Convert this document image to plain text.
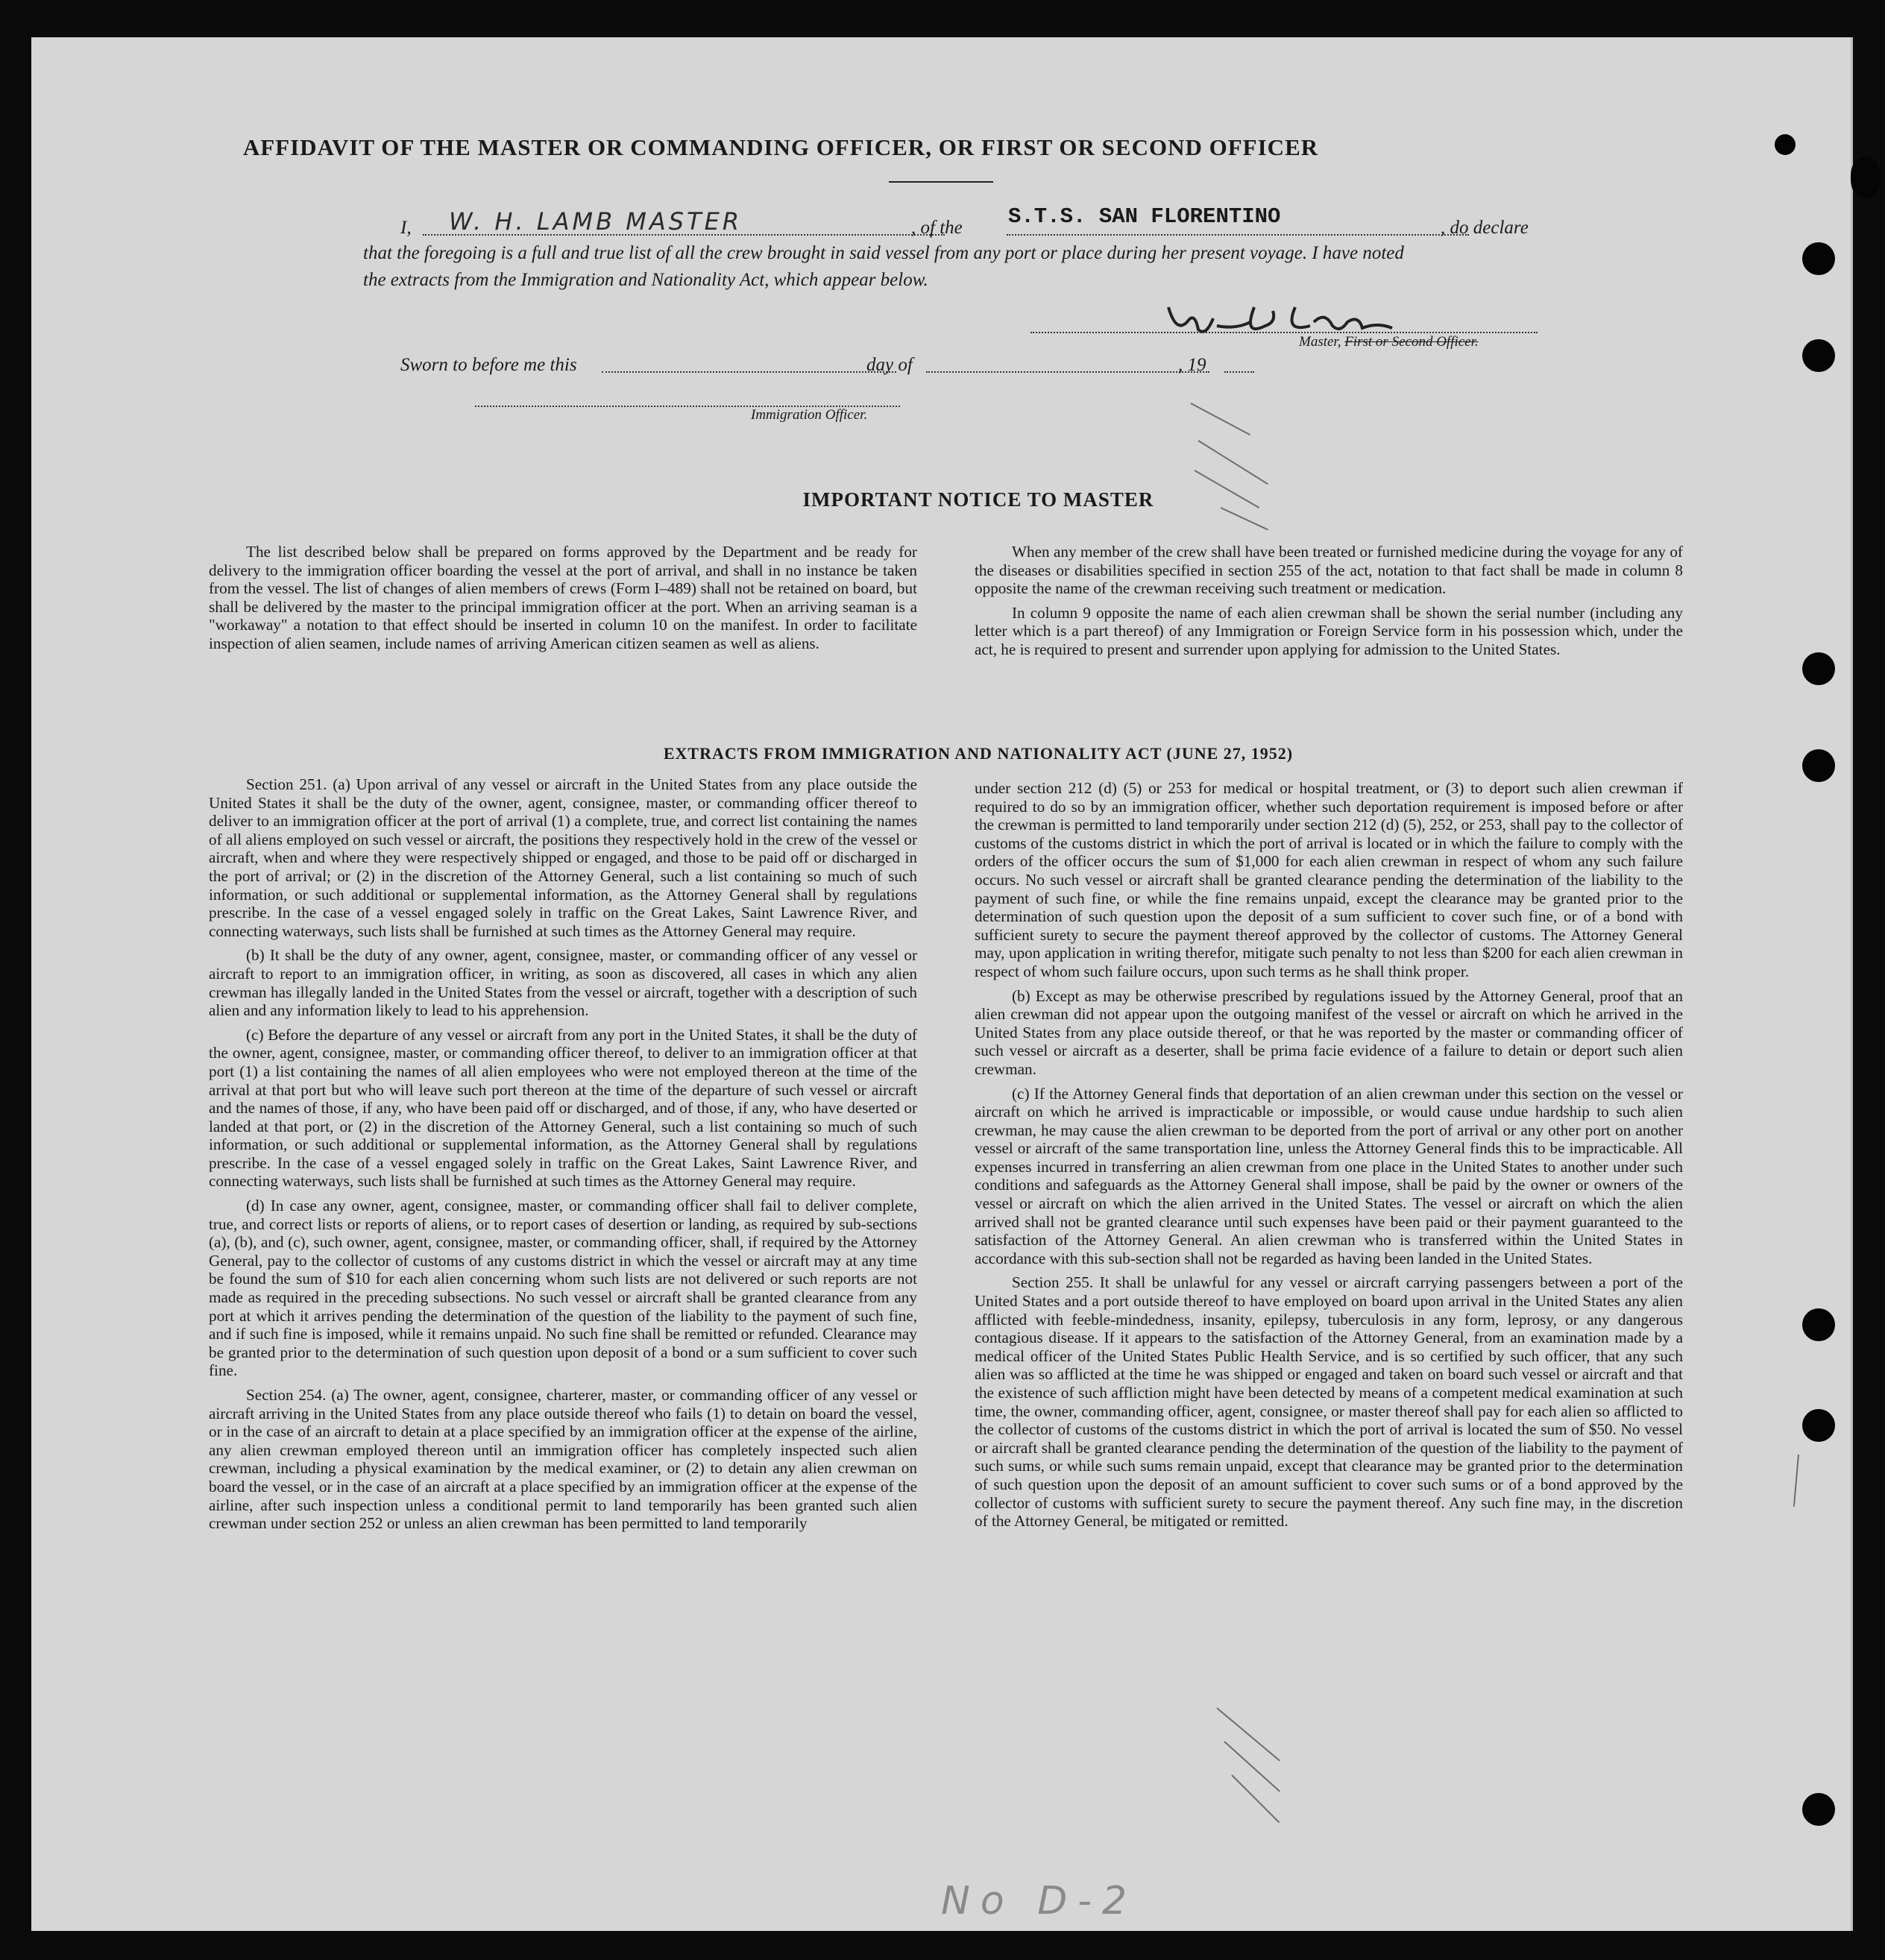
AFFIDAVIT OF THE MASTER OR COMMANDING OFFICER, OR FIRST OR SECOND OFFICER
I, W. H. LAMB MASTER	, of the S.T.S. SAN FLORENTINO	, do declare
that the foregoing is a full and true list of all the crew brought in said vessel from any port or place during her present voyage. I have noted
the extracts from the Immigration and Nationality Act, which appear below.
Master, First or Second Officer.
Sworn to before me this	day of	, 19
Immigration Officer.
IMPORTANT NOTICE TO MASTER

The list described below shall be prepared on forms approved by the Department and be ready for delivery to the immigration officer boarding the vessel at the port of arrival, and shall in no instance be taken from the vessel. The list of changes of alien members of crews (Form I–489) shall not be retained on board, but shall be delivered by the master to the principal immigration officer at the port. When an arriving seaman is a "workaway" a notation to that effect should be inserted in column 10 on the manifest. In order to facilitate inspection of alien seamen, include names of arriving American citizen seamen as well as aliens.

When any member of the crew shall have been treated or furnished medicine during the voyage for any of the diseases or disabilities specified in section 255 of the act, notation to that fact shall be made in column 8 opposite the name of the crewman receiving such treatment or medication.

In column 9 opposite the name of each alien crewman shall be shown the serial number (including any letter which is a part thereof) of any Immigration or Foreign Service form in his possession which, under the act, he is required to present and surrender upon applying for admission to the United States.

EXTRACTS FROM IMMIGRATION AND NATIONALITY ACT (JUNE 27, 1952)

Section 251. (a) Upon arrival of any vessel or aircraft in the United States from any place outside the United States it shall be the duty of the owner, agent, consignee, master, or commanding officer thereof to deliver to an immigration officer at the port of arrival (1) a complete, true, and correct list containing the names of all aliens employed on such vessel or aircraft, the positions they respectively hold in the crew of the vessel or aircraft, when and where they were respectively shipped or engaged, and those to be paid off or discharged in the port of arrival; or (2) in the discretion of the Attorney General, such a list containing so much of such information, or such additional or supplemental information, as the Attorney General shall by regulations prescribe. In the case of a vessel engaged solely in traffic on the Great Lakes, Saint Lawrence River, and connecting waterways, such lists shall be furnished at such times as the Attorney General may require.

(b) It shall be the duty of any owner, agent, consignee, master, or commanding officer of any vessel or aircraft to report to an immigration officer, in writing, as soon as discovered, all cases in which any alien crewman has illegally landed in the United States from the vessel or aircraft, together with a description of such alien and any information likely to lead to his apprehension.

(c) Before the departure of any vessel or aircraft from any port in the United States, it shall be the duty of the owner, agent, consignee, master, or commanding officer thereof, to deliver to an immigration officer at that port (1) a list containing the names of all alien employees who were not employed thereon at the time of the arrival at that port but who will leave such port thereon at the time of the departure of such vessel or aircraft and the names of those, if any, who have been paid off or discharged, and of those, if any, who have deserted or landed at that port, or (2) in the discretion of the Attorney General, such a list containing so much of such information, or such additional or supplemental information, as the Attorney General shall by regulations prescribe. In the case of a vessel engaged solely in traffic on the Great Lakes, Saint Lawrence River, and connecting waterways, such lists shall be furnished at such times as the Attorney General may require.

(d) In case any owner, agent, consignee, master, or commanding officer shall fail to deliver complete, true, and correct lists or reports of aliens, or to report cases of desertion or landing, as required by sub-sections (a), (b), and (c), such owner, agent, consignee, master, or commanding officer, shall, if required by the Attorney General, pay to the collector of customs of any customs district in which the vessel or aircraft may at any time be found the sum of $10 for each alien concerning whom such lists are not delivered or such reports are not made as required in the preceding subsections. No such vessel or aircraft shall be granted clearance from any port at which it arrives pending the determination of the question of the liability to the payment of such fine, and if such fine is imposed, while it remains unpaid. No such fine shall be remitted or refunded. Clearance may be granted prior to the determination of such question upon deposit of a bond or a sum sufficient to cover such fine.

Section 254. (a) The owner, agent, consignee, charterer, master, or commanding officer of any vessel or aircraft arriving in the United States from any place outside thereof who fails (1) to detain on board the vessel, or in the case of an aircraft to detain at a place specified by an immigration officer at the expense of the airline, any alien crewman employed thereon until an immigration officer has completely inspected such alien crewman, including a physical examination by the medical examiner, or (2) to detain any alien crewman on board the vessel, or in the case of an aircraft at a place specified by an immigration officer at the expense of the airline, after such inspection unless a conditional permit to land temporarily has been granted such alien crewman under section 252 or unless an alien crewman has been permitted to land temporarily

under section 212 (d) (5) or 253 for medical or hospital treatment, or (3) to deport such alien crewman if required to do so by an immigration officer, whether such deportation requirement is imposed before or after the crewman is permitted to land temporarily under section 212 (d) (5), 252, or 253, shall pay to the collector of customs of the customs district in which the port of arrival is located or in which the failure to comply with the orders of the officer occurs the sum of $1,000 for each alien crewman in respect of whom any such failure occurs. No such vessel or aircraft shall be granted clearance pending the determination of the liability to the payment of such fine, or while the fine remains unpaid, except the clearance may be granted prior to the determination of such question upon the deposit of a sum sufficient to cover such fine, or of a bond with sufficient surety to secure the payment thereof approved by the collector of customs. The Attorney General may, upon application in writing therefor, mitigate such penalty to not less than $200 for each alien crewman in respect of whom such failure occurs, upon such terms as he shall think proper.

(b) Except as may be otherwise prescribed by regulations issued by the Attorney General, proof that an alien crewman did not appear upon the outgoing manifest of the vessel or aircraft on which he arrived in the United States from any place outside thereof, or that he was reported by the master or commanding officer of such vessel or aircraft as a deserter, shall be prima facie evidence of a failure to detain or deport such alien crewman.

(c) If the Attorney General finds that deportation of an alien crewman under this section on the vessel or aircraft on which he arrived is impracticable or impossible, or would cause undue hardship to such alien crewman, he may cause the alien crewman to be deported from the port of arrival or any other port on another vessel or aircraft of the same transportation line, unless the Attorney General finds this to be impracticable. All expenses incurred in transferring an alien crewman from one place in the United States to another under such conditions and safeguards as the Attorney General shall impose, shall be paid by the owner or owners of the vessel or aircraft on which the alien arrived in the United States. The vessel or aircraft on which the alien arrived shall not be granted clearance until such expenses have been paid or their payment guaranteed to the satisfaction of the Attorney General. An alien crewman who is transferred within the United States in accordance with this sub-section shall not be regarded as having been landed in the United States.

Section 255. It shall be unlawful for any vessel or aircraft carrying passengers between a port of the United States and a port outside thereof to have employed on board upon arrival in the United States any alien afflicted with feeble-mindedness, insanity, epilepsy, tuberculosis in any form, leprosy, or any dangerous contagious disease. If it appears to the satisfaction of the Attorney General, from an examination made by a medical officer of the United States Public Health Service, and is so certified by such officer, that any such alien was so afflicted at the time he was shipped or engaged and taken on board such vessel or aircraft and that the existence of such affliction might have been detected by means of a competent medical examination at such time, the owner, commanding officer, agent, consignee, or master thereof shall pay for each alien so afflicted to the collector of customs of the customs district in which the port of arrival is located the sum of $50. No vessel or aircraft shall be granted clearance pending the determination of the question of the liability to the payment of such sums, or while such sums remain unpaid, except that clearance may be granted prior to the determination of such question upon the deposit of an amount sufficient to cover such sums or of a bond approved by the collector of customs with sufficient surety to secure the payment thereof. Any such fine may, in the discretion of the Attorney General, be mitigated or remitted.

No D-2
